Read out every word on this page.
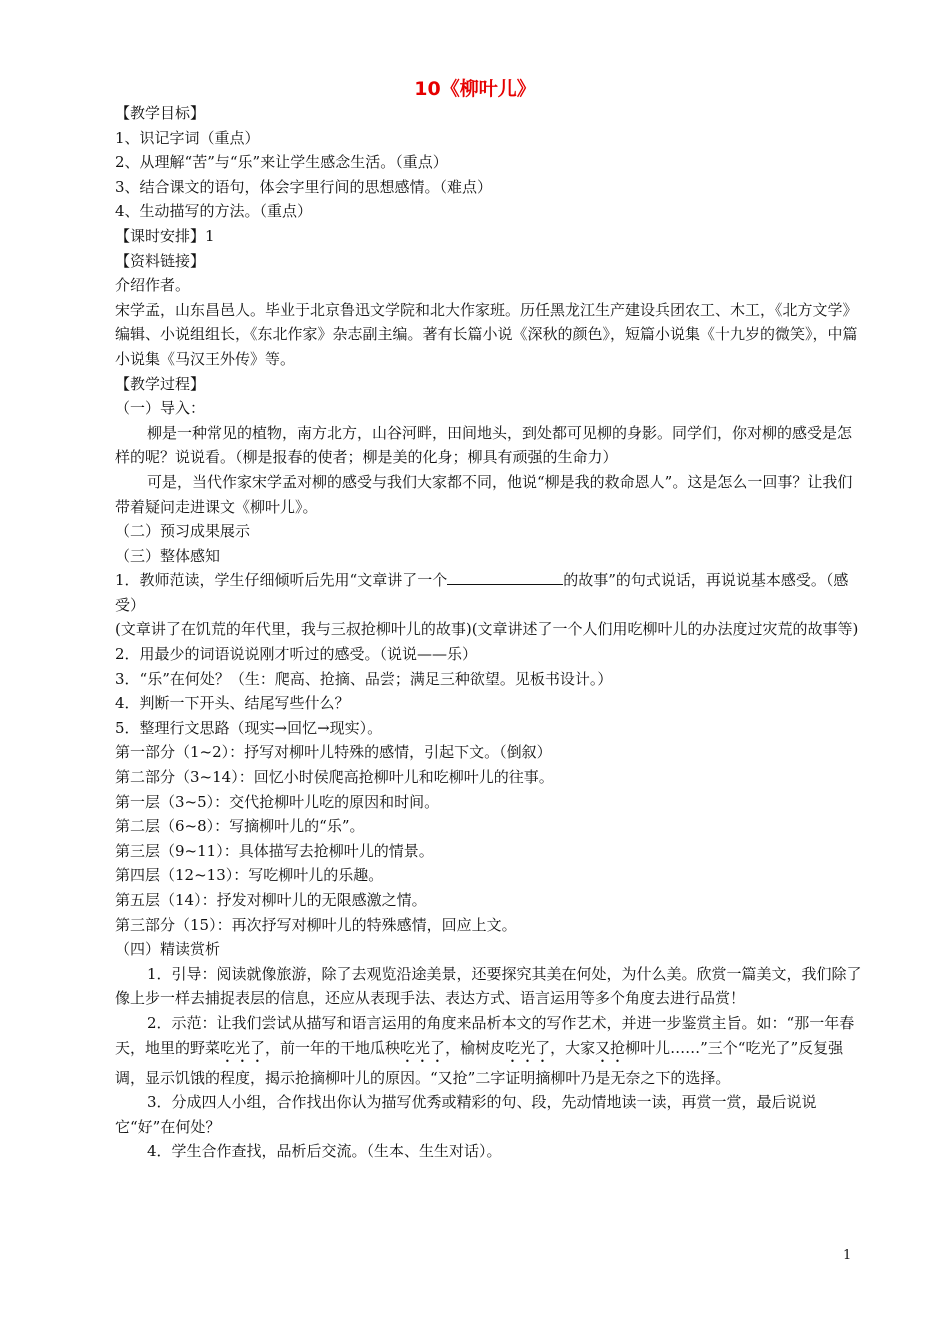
10《柳叶儿》

【教学目标】

1、识记字词（重点）

2、从理解“苦”与“乐”来让学生感念生活。（重点）

3、结合课文的语句，体会字里行间的思想感情。（难点）

4、生动描写的方法。（重点）

【课时安排】1

【资料链接】

介绍作者。

宋学孟，山东昌邑人。毕业于北京鲁迅文学院和北大作家班。历任黑龙江生产建设兵团农工、木工，《北方文学》编辑、小说组组长，《东北作家》杂志副主编。著有长篇小说《深秋的颜色》，短篇小说集《十九岁的微笑》，中篇小说集《马汉王外传》等。

【教学过程】

（一）导入：

柳是一种常见的植物，南方北方，山谷河畔，田间地头，到处都可见柳的身影。同学们，你对柳的感受是怎样的呢？说说看。（柳是报春的使者；柳是美的化身；柳具有顽强的生命力）

可是，当代作家宋学孟对柳的感受与我们大家都不同，他说“柳是我的救命恩人”。这是怎么一回事？让我们带着疑问走进课文《柳叶儿》。

（二）预习成果展示

（三）整体感知

1．教师范读，学生仔细倾听后先用“文章讲了一个	的故事”的句式说话，再说说基本感受。（感受）

(文章讲了在饥荒的年代里，我与三叔抢柳叶儿的故事)(文章讲述了一个人们用吃柳叶儿的办法度过灾荒的故事等)

2．用最少的词语说说刚才听过的感受。（说说——乐）

3．“乐”在何处？（生：爬高、抢摘、品尝；满足三种欲望。见板书设计。）

4．判断一下开头、结尾写些什么？

5．整理行文思路（现实→回忆→现实）。

第一部分（1~2）：抒写对柳叶儿特殊的感情，引起下文。（倒叙）

第二部分（3~14）：回忆小时侯爬高抢柳叶儿和吃柳叶儿的往事。

第一层（3~5）：交代抢柳叶儿吃的原因和时间。

第二层（6~8）：写摘柳叶儿的“乐”。

第三层（9~11）：具体描写去抢柳叶儿的情景。

第四层（12~13）：写吃柳叶儿的乐趣。

第五层（14）：抒发对柳叶儿的无限感激之情。

第三部分（15）：再次抒写对柳叶儿的特殊感情，回应上文。

（四）精读赏析

1．引导：阅读就像旅游，除了去观览沿途美景，还要探究其美在何处，为什么美。欣赏一篇美文，我们除了像上步一样去捕捉表层的信息，还应从表现手法、表达方式、语言运用等多个角度去进行品赏！

2．示范：让我们尝试从描写和语言运用的角度来品析本文的写作艺术，并进一步鉴赏主旨。如：“那一年春天，地里的野菜吃光了，前一年的干地瓜秧吃光了，榆树皮吃光了，大家又抢柳叶儿……”三个“吃光了”反复强调，显示饥饿的程度，揭示抢摘柳叶儿的原因。“又抢”二字证明摘柳叶乃是无奈之下的选择。

3．分成四人小组，合作找出你认为描写优秀或精彩的句、段，先动情地读一读，再赏一赏，最后说说它“好”在何处？

4．学生合作查找，品析后交流。（生本、生生对话）。

1
